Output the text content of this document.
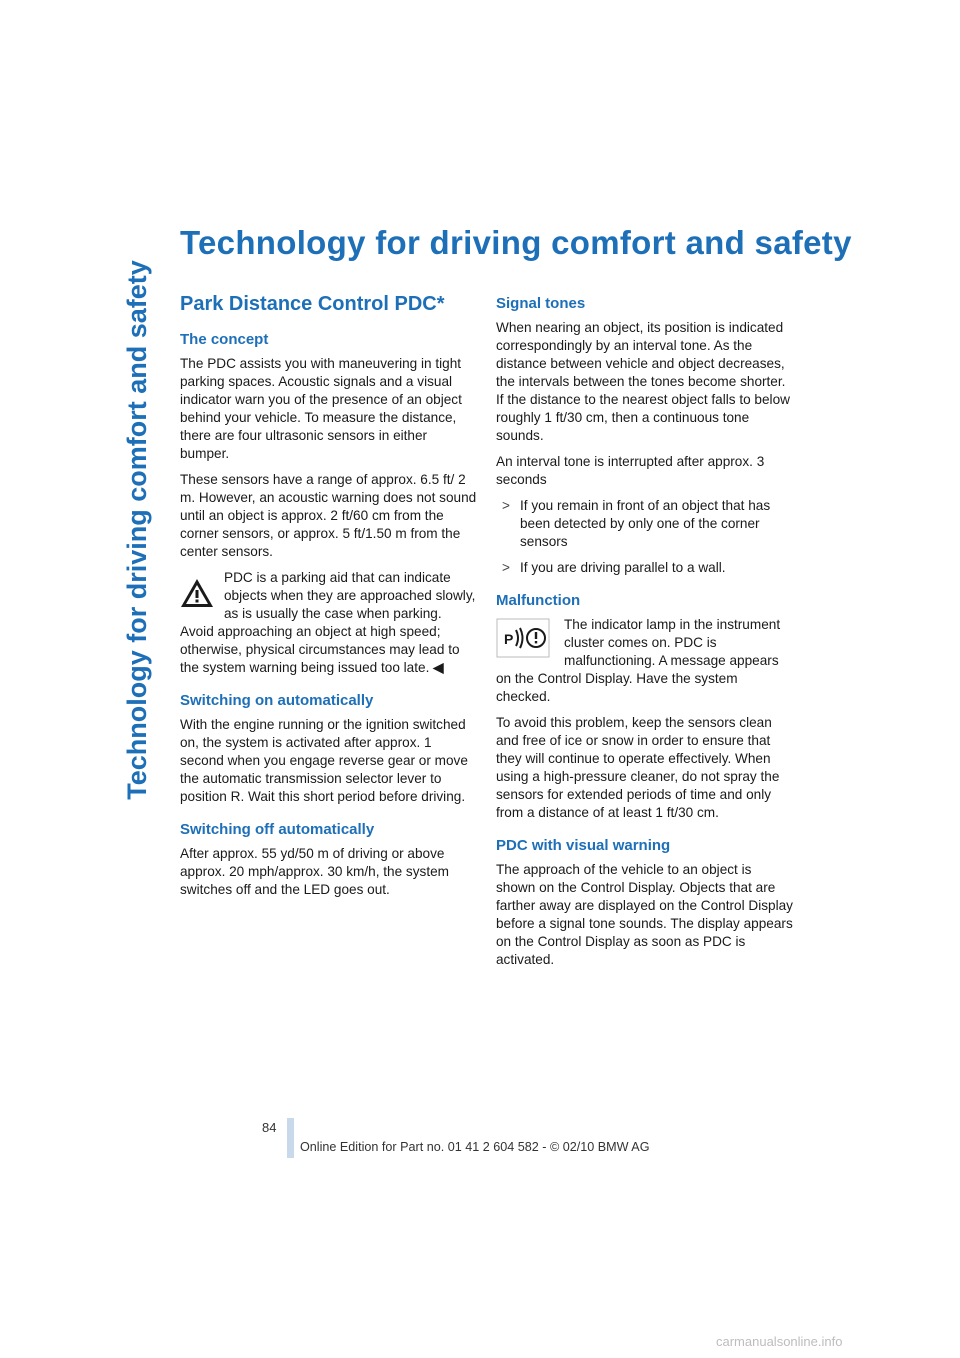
Technology for driving comfort and safety
Technology for driving comfort and safety
Park Distance Control PDC*
The concept

The PDC assists you with maneuvering in tight parking spaces. Acoustic signals and a visual indicator warn you of the presence of an object behind your vehicle. To measure the distance, there are four ultrasonic sensors in either bumper.

These sensors have a range of approx. 6.5 ft/ 2 m. However, an acoustic warning does not sound until an object is approx. 2 ft/60 cm from the corner sensors, or approx. 5 ft/1.50 m from the center sensors.

PDC is a parking aid that can indicate objects when they are approached slowly, as is usually the case when parking. Avoid approaching an object at high speed; otherwise, physical circumstances may lead to the system warning being issued too late. ◀
Switching on automatically

With the engine running or the ignition switched on, the system is activated after approx. 1 second when you engage reverse gear or move the automatic transmission selector lever to position R. Wait this short period before driving.

Switching off automatically

After approx. 55 yd/50 m of driving or above approx. 20 mph/approx. 30 km/h, the system switches off and the LED goes out.

Signal tones

When nearing an object, its position is indicated correspondingly by an interval tone. As the distance between vehicle and object decreases, the intervals between the tones become shorter. If the distance to the nearest object falls to below roughly 1 ft/30 cm, then a continuous tone sounds.

An interval tone is interrupted after approx. 3 seconds

> If you remain in front of an object that has been detected by only one of the corner sensors
> If you are driving parallel to a wall.
Malfunction
P

The indicator lamp in the instrument cluster comes on. PDC is malfunctioning. A message appears on the Control Display. Have the system checked.

To avoid this problem, keep the sensors clean and free of ice or snow in order to ensure that they will continue to operate effectively. When using a high-pressure cleaner, do not spray the sensors for extended periods of time and only from a distance of at least 1 ft/30 cm.

PDC with visual warning

The approach of the vehicle to an object is shown on the Control Display. Objects that are farther away are displayed on the Control Display before a signal tone sounds. The display appears on the Control Display as soon as PDC is activated.

84
Online Edition for Part no. 01 41 2 604 582 - © 02/10 BMW AG
carmanualsonline.info
